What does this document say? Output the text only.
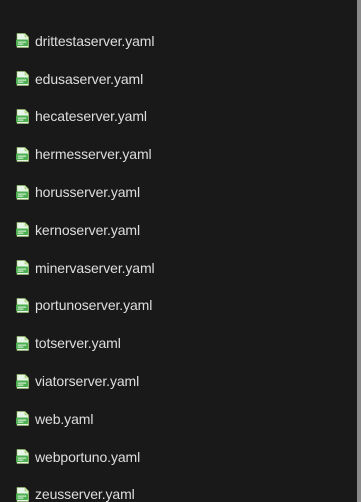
drittestaserver.yaml
edusaserver.yaml
hecateserver.yaml
hermesserver.yaml
horusserver.yaml
kernoserver.yaml
minervaserver.yaml
portunoserver.yaml
totserver.yaml
viatorserver.yaml
web.yaml
webportuno.yaml
zeusserver.yaml
